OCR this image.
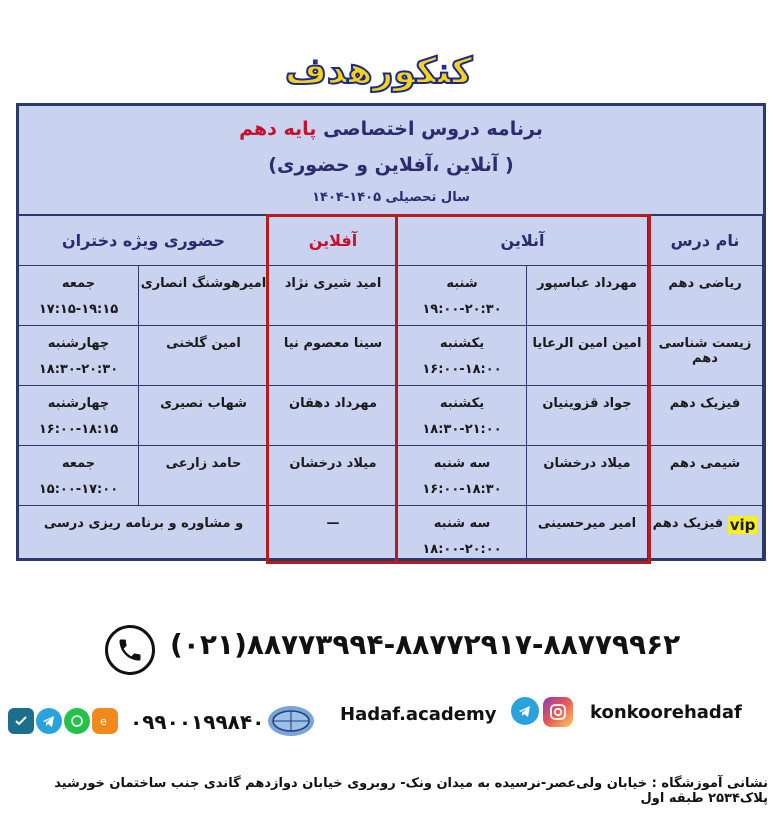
کنکورهدف
برنامه دروس اختصاصی پایه دهم
(آنلاین ،آفلاین و حضوری )
سال تحصیلی ۱۴۰۵-۱۴۰۴
نام درس
آنلاین
آفلاین
حضوری ویژه دختران
ریاضی دهم
مهرداد عباسپور
شنبه
۱۹:۰۰-۲۰:۳۰
امید شیری نژاد
امیرهوشنگ انصاری
جمعه
۱۷:۱۵-۱۹:۱۵
زیست شناسی دهم
امین امین الرعایا
یکشنبه
۱۶:۰۰-۱۸:۰۰
سینا معصوم نیا
امین گلخنی
چهارشنبه
۱۸:۳۰-۲۰:۳۰
فیزیک دهم
جواد قزوینیان
یکشنبه
۱۸:۳۰-۲۱:۰۰
مهرداد دهقان
شهاب نصیری
چهارشنبه
۱۶:۰۰-۱۸:۱۵
شیمی دهم
میلاد درخشان
سه شنبه
۱۶:۰۰-۱۸:۳۰
میلاد درخشان
حامد زارعی
جمعه
۱۵:۰۰-۱۷:۰۰
فیزیک دهم
vip
امیر میرحسینی
سه شنبه
۱۸:۰۰-۲۰:۰۰
—
و مشاوره و برنامه ریزی درسی
(۰۲۱)۸۸۷۷۳۹۹۴-۸۸۷۷۲۹۱۷-۸۸۷۷۹۹۶۲
e ۰۹۹۰۰۱۹۹۸۴۰	Hadaf.academy	konkoorehadaf
نشانی آموزشگاه : خیابان ولی‌عصر-نرسیده به میدان ونک- روبروی خیابان دوازدهم گاندی جنب ساختمان خورشید پلاک۲۵۳۴ طبقه اول
